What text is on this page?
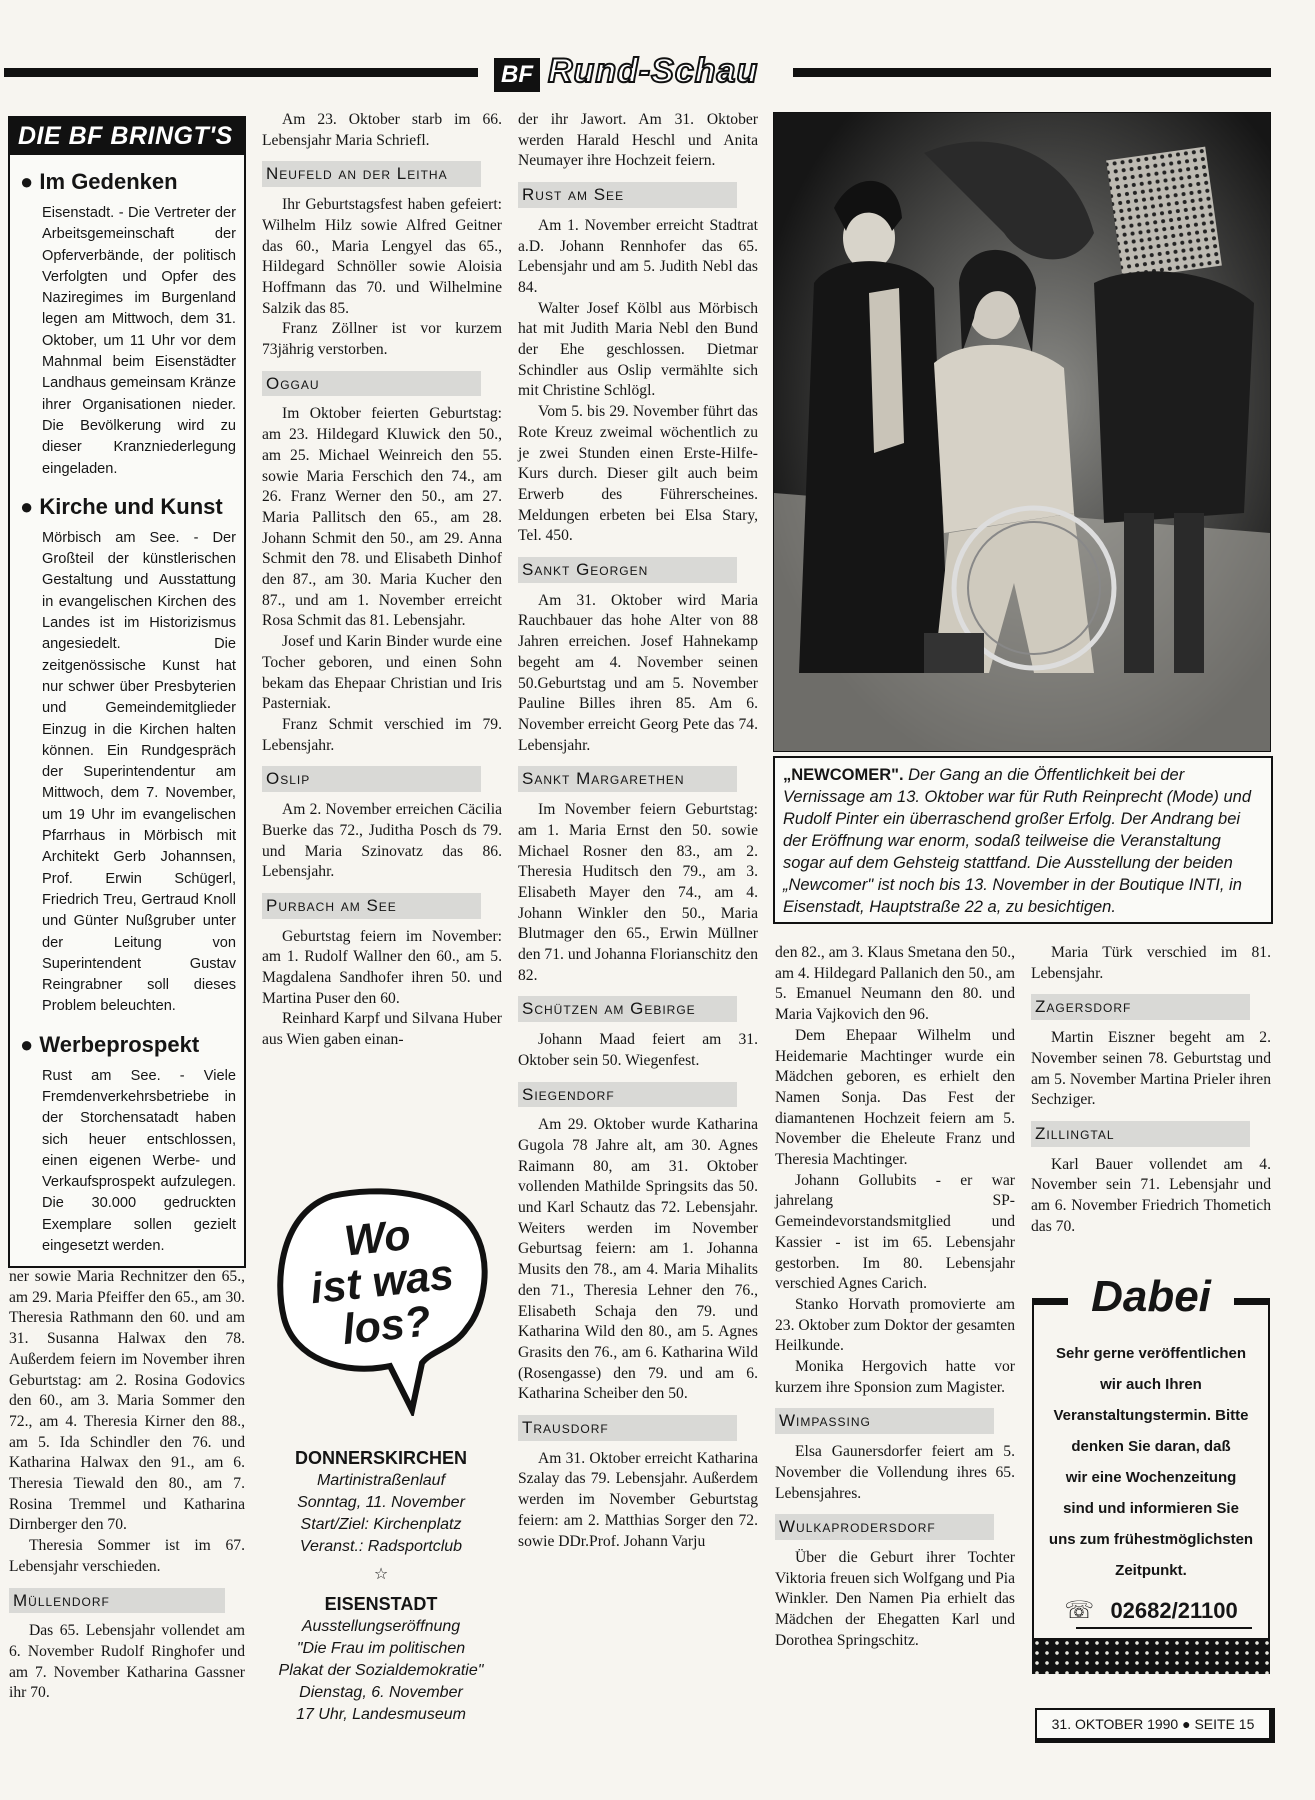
BF Rund-Schau
DIE BF BRINGT'S
● Im Gedenken
Eisenstadt. - Die Vertreter der Arbeitsgemeinschaft der Opferverbände, der politisch Verfolgten und Opfer des Naziregimes im Burgenland legen am Mittwoch, dem 31. Oktober, um 11 Uhr vor dem Mahnmal beim Eisenstädter Landhaus gemeinsam Kränze ihrer Organisationen nieder. Die Bevölkerung wird zu dieser Kranzniederlegung eingeladen.
● Kirche und Kunst
Mörbisch am See. - Der Großteil der künstlerischen Gestaltung und Ausstattung in evangelischen Kirchen des Landes ist im Historizismus angesiedelt. Die zeitgenössische Kunst hat nur schwer über Presbyterien und Gemeindemitglieder Einzug in die Kirchen halten können. Ein Rundgespräch der Superintendentur am Mittwoch, dem 7. November, um 19 Uhr im evangelischen Pfarrhaus in Mörbisch mit Architekt Gerb Johannsen, Prof. Erwin Schügerl, Friedrich Treu, Gertraud Knoll und Günter Nußgruber unter der Leitung von Superintendent Gustav Reingrabner soll dieses Problem beleuchten.
● Werbeprospekt
Rust am See. - Viele Fremdenverkehrsbetriebe in der Storchensatadt haben sich heuer entschlossen, einen eigenen Werbe- und Verkaufsprospekt aufzulegen. Die 30.000 gedruckten Exemplare sollen gezielt eingesetzt werden.

ner sowie Maria Rechnitzer den 65., am 29. Maria Pfeiffer den 65., am 30. Theresia Rathmann den 60. und am 31. Susanna Halwax den 78. Außerdem feiern im November ihren Geburtstag: am 2. Rosina Godovics den 60., am 3. Maria Sommer den 72., am 4. Theresia Kirner den 88., am 5. Ida Schindler den 76. und Katharina Halwax den 91., am 6. Theresia Tiewald den 80., am 7. Rosina Tremmel und Katharina Dirnberger den 70.

Theresia Sommer ist im 67. Lebensjahr verschieden.

Müllendorf

Das 65. Lebensjahr vollendet am 6. November Rudolf Ringhofer und am 7. November Katharina Gassner ihr 70.

Am 23. Oktober starb im 66. Lebensjahr Maria Schriefl.

Neufeld an der Leitha

Ihr Geburtstagsfest haben gefeiert: Wilhelm Hilz sowie Alfred Geitner das 60., Maria Lengyel das 65., Hildegard Schnöller sowie Aloisia Hoffmann das 70. und Wilhelmine Salzik das 85.

Franz Zöllner ist vor kurzem 73jährig verstorben.

Oggau

Im Oktober feierten Geburtstag: am 23. Hildegard Kluwick den 50., am 25. Michael Weinreich den 55. sowie Maria Ferschich den 74., am 26. Franz Werner den 50., am 27. Maria Pallitsch den 65., am 28. Johann Schmit den 50., am 29. Anna Schmit den 78. und Elisabeth Dinhof den 87., am 30. Maria Kucher den 87., und am 1. November erreicht Rosa Schmit das 81. Lebensjahr.

Josef und Karin Binder wurde eine Tocher geboren, und einen Sohn bekam das Ehepaar Christian und Iris Pasterniak.

Franz Schmit verschied im 79. Lebensjahr.

Oslip

Am 2. November erreichen Cäcilia Buerke das 72., Juditha Posch ds 79. und Maria Szinovatz das 86. Lebensjahr.

Purbach am See

Geburtstag feiern im November: am 1. Rudolf Wallner den 60., am 5. Magdalena Sandhofer ihren 50. und Martina Puser den 60.

Reinhard Karpf und Silvana Huber aus Wien gaben einan-

Wo
ist was
los?
DONNERSKIRCHEN
Martinistraßenlauf
Sonntag, 11. November
Start/Ziel: Kirchenplatz
Veranst.: Radsportclub
☆
EISENSTADT
Ausstellungseröffnung
"Die Frau im politischen
Plakat der Sozialdemokratie"
Dienstag, 6. November
17 Uhr, Landesmuseum

der ihr Jawort. Am 31. Oktober werden Harald Heschl und Anita Neumayer ihre Hochzeit feiern.

Rust am See

Am 1. November erreicht Stadtrat a.D. Johann Rennhofer das 65. Lebensjahr und am 5. Judith Nebl das 84.

Walter Josef Kölbl aus Mörbisch hat mit Judith Maria Nebl den Bund der Ehe geschlossen. Dietmar Schindler aus Oslip vermählte sich mit Christine Schlögl.

Vom 5. bis 29. November führt das Rote Kreuz zweimal wöchentlich zu je zwei Stunden einen Erste-Hilfe-Kurs durch. Dieser gilt auch beim Erwerb des Führerscheines. Meldungen erbeten bei Elsa Stary, Tel. 450.

Sankt Georgen

Am 31. Oktober wird Maria Rauchbauer das hohe Alter von 88 Jahren erreichen. Josef Hahnekamp begeht am 4. November seinen 50.Geburtstag und am 5. November Pauline Billes ihren 85. Am 6. November erreicht Georg Pete das 74. Lebensjahr.

Sankt Margarethen

Im November feiern Geburtstag: am 1. Maria Ernst den 50. sowie Michael Rosner den 83., am 2. Theresia Huditsch den 79., am 3. Elisabeth Mayer den 74., am 4. Johann Winkler den 50., Maria Blutmager den 65., Erwin Müllner den 71. und Johanna Florianschitz den 82.

Schützen am Gebirge

Johann Maad feiert am 31. Oktober sein 50. Wiegenfest.

Siegendorf

Am 29. Oktober wurde Katharina Gugola 78 Jahre alt, am 30. Agnes Raimann 80, am 31. Oktober vollenden Mathilde Springsits das 50. und Karl Schautz das 72. Lebensjahr. Weiters werden im November Geburtsag feiern: am 1. Johanna Musits den 78., am 4. Maria Mihalits den 71., Theresia Lehner den 76., Elisabeth Schaja den 79. und Katharina Wild den 80., am 5. Agnes Grasits den 76., am 6. Katharina Wild (Rosengasse) den 79. und am 6. Katharina Scheiber den 50.

Trausdorf

Am 31. Oktober erreicht Katharina Szalay das 79. Lebensjahr. Außerdem werden im November Geburtstag feiern: am 2. Matthias Sorger den 72. sowie DDr.Prof. Johann Varju

„NEWCOMER". Der Gang an die Öffentlichkeit bei der Vernissage am 13. Oktober war für Ruth Reinprecht (Mode) und Rudolf Pinter ein überraschend großer Erfolg. Der Andrang bei der Eröffnung war enorm, sodaß teilweise die Veranstaltung sogar auf dem Gehsteig stattfand. Die Ausstellung der beiden „Newcomer" ist noch bis 13. November in der Boutique INTI, in Eisenstadt, Hauptstraße 22 a, zu besichtigen.

den 82., am 3. Klaus Smetana den 50., am 4. Hildegard Pallanich den 50., am 5. Emanuel Neumann den 80. und Maria Vajkovich den 96.

Dem Ehepaar Wilhelm und Heidemarie Machtinger wurde ein Mädchen geboren, es erhielt den Namen Sonja. Das Fest der diamantenen Hochzeit feiern am 5. November die Eheleute Franz und Theresia Machtinger.

Johann Gollubits - er war jahrelang SP-Gemeindevorstandsmitglied und Kassier - ist im 65. Lebensjahr gestorben. Im 80. Lebensjahr verschied Agnes Carich.

Stanko Horvath promovierte am 23. Oktober zum Doktor der gesamten Heilkunde.

Monika Hergovich hatte vor kurzem ihre Sponsion zum Magister.

Wimpassing

Elsa Gaunersdorfer feiert am 5. November die Vollendung ihres 65. Lebensjahres.

Wulkaprodersdorf

Über die Geburt ihrer Tochter Viktoria freuen sich Wolfgang und Pia Winkler. Den Namen Pia erhielt das Mädchen der Ehegatten Karl und Dorothea Springschitz.

Maria Türk verschied im 81. Lebensjahr.

Zagersdorf

Martin Eiszner begeht am 2. November seinen 78. Geburtstag und am 5. November Martina Prieler ihren Sechziger.

Zillingtal

Karl Bauer vollendet am 4. November sein 71. Lebensjahr und am 6. November Friedrich Thometich das 70.

Dabei

Sehr gerne veröffentlichen

wir auch Ihren

Veranstaltungstermin. Bitte

denken Sie daran, daß

wir eine Wochenzeitung

sind und informieren Sie

uns zum frühestmöglichsten

Zeitpunkt.

☏ 02682/21100
31. OKTOBER 1990 ● SEITE 15
